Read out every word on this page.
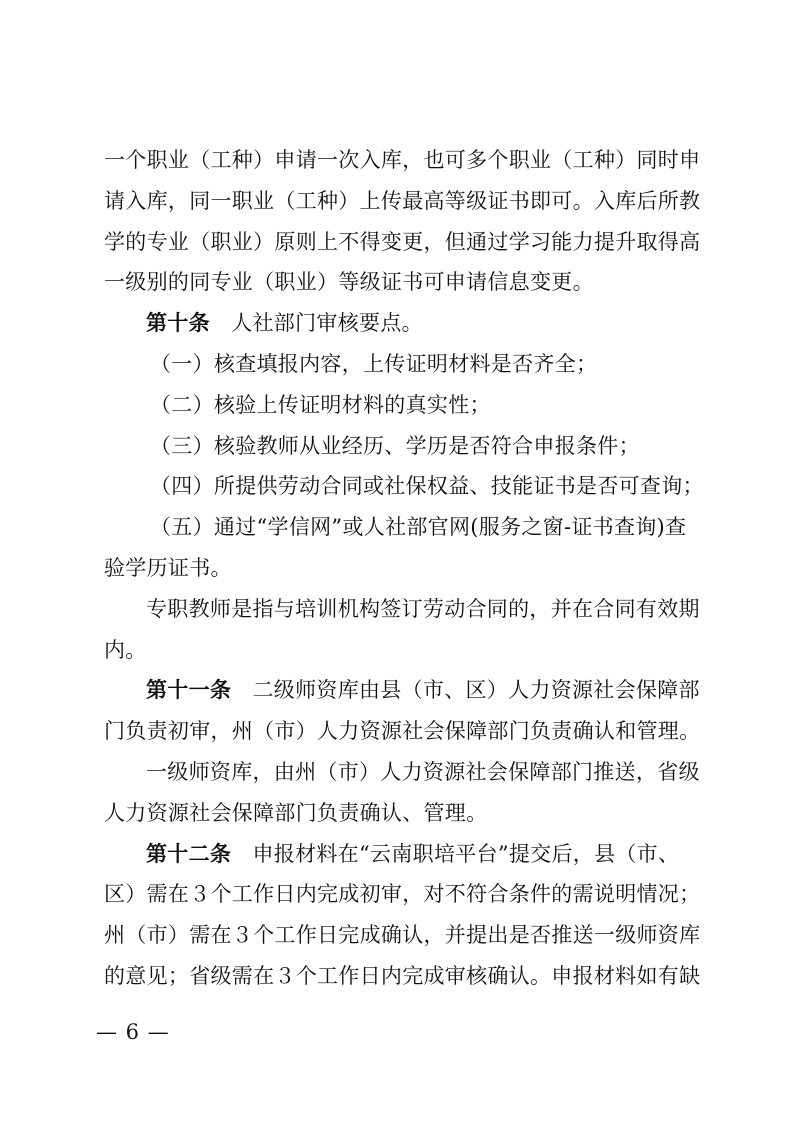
一个职业（工种）申请一次入库，也可多个职业（工种）同时申

请入库，同一职业（工种）上传最高等级证书即可。入库后所教

学的专业（职业）原则上不得变更，但通过学习能力提升取得高

一级别的同专业（职业）等级证书可申请信息变更。

第十条　人社部门审核要点。

（一）核查填报内容，上传证明材料是否齐全；

（二）核验上传证明材料的真实性；

（三）核验教师从业经历、学历是否符合申报条件；

（四）所提供劳动合同或社保权益、技能证书是否可查询；

（五）通过“学信网”或人社部官网(服务之窗-证书查询)查

验学历证书。

专职教师是指与培训机构签订劳动合同的，并在合同有效期

内。

第十一条　二级师资库由县（市、区）人力资源社会保障部

门负责初审，州（市）人力资源社会保障部门负责确认和管理。

一级师资库，由州（市）人力资源社会保障部门推送，省级

人力资源社会保障部门负责确认、管理。

第十二条　申报材料在“云南职培平台”提交后，县（市、

区）需在３个工作日内完成初审，对不符合条件的需说明情况；

州（市）需在３个工作日完成确认，并提出是否推送一级师资库

的意见；省级需在３个工作日内完成审核确认。申报材料如有缺

— 6 —
